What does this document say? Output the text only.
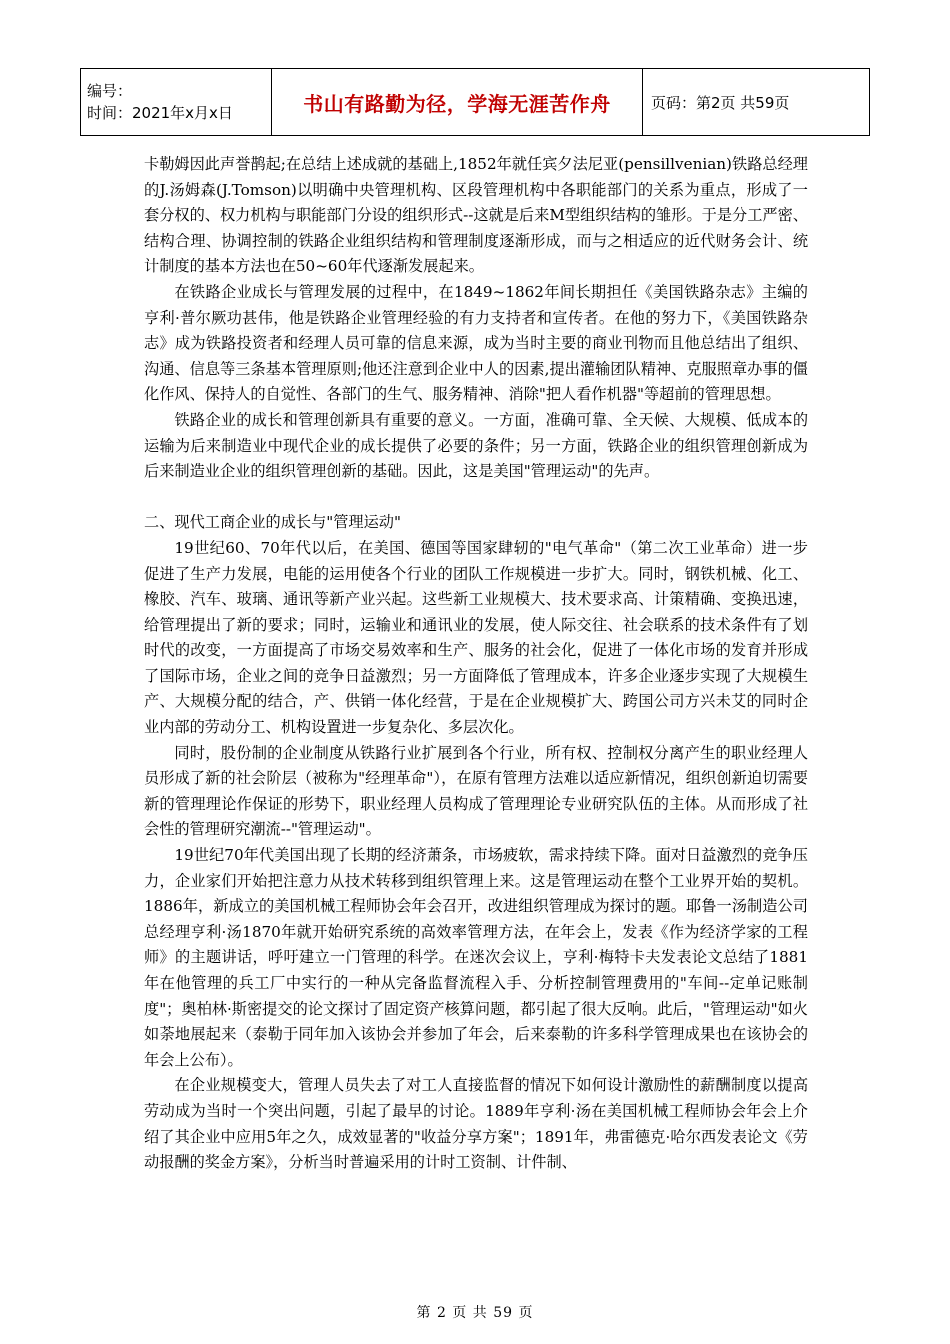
编号：
时间：2021年x月x日	书山有路勤为径，学海无涯苦作舟	页码：第2页 共59页

卡勒姆因此声誉鹊起;在总结上述成就的基础上,1852年就任宾夕法尼亚(pensillvenian)铁路总经理的J.汤姆森(J.Tomson)以明确中央管理机构、区段管理机构中各职能部门的关系为重点，形成了一套分权的、权力机构与职能部门分设的组织形式--这就是后来M型组织结构的雏形。于是分工严密、结构合理、协调控制的铁路企业组织结构和管理制度逐渐形成，而与之相适应的近代财务会计、统计制度的基本方法也在50~60年代逐渐发展起来。

在铁路企业成长与管理发展的过程中，在1849~1862年间长期担任《美国铁路杂志》主编的亨利·普尔厥功甚伟，他是铁路企业管理经验的有力支持者和宣传者。在他的努力下，《美国铁路杂志》成为铁路投资者和经理人员可靠的信息来源，成为当时主要的商业刊物而且他总结出了组织、沟通、信息等三条基本管理原则;他还注意到企业中人的因素,提出灌输团队精神、克服照章办事的僵化作风、保持人的自觉性、各部门的生气、服务精神、消除"把人看作机器"等超前的管理思想。

铁路企业的成长和管理创新具有重要的意义。一方面，准确可靠、全天候、大规模、低成本的运输为后来制造业中现代企业的成长提供了必要的条件；另一方面，铁路企业的组织管理创新成为后来制造业企业的组织管理创新的基础。因此，这是美国"管理运动"的先声。

二、现代工商企业的成长与"管理运动"

19世纪60、70年代以后，在美国、德国等国家肆轫的"电气革命"（第二次工业革命）进一步促进了生产力发展，电能的运用使各个行业的团队工作规模进一步扩大。同时，钢铁机械、化工、橡胶、汽车、玻璃、通讯等新产业兴起。这些新工业规模大、技术要求高、计策精确、变换迅速，给管理提出了新的要求；同时，运输业和通讯业的发展，使人际交往、社会联系的技术条件有了划时代的改变，一方面提高了市场交易效率和生产、服务的社会化，促进了一体化市场的发育并形成了国际市场，企业之间的竞争日益激烈；另一方面降低了管理成本，许多企业逐步实现了大规模生产、大规模分配的结合，产、供销一体化经营，于是在企业规模扩大、跨国公司方兴未艾的同时企业内部的劳动分工、机构设置进一步复杂化、多层次化。

同时，股份制的企业制度从铁路行业扩展到各个行业，所有权、控制权分离产生的职业经理人员形成了新的社会阶层（被称为"经理革命"），在原有管理方法难以适应新情况，组织创新迫切需要新的管理理论作保证的形势下，职业经理人员构成了管理理论专业研究队伍的主体。从而形成了社会性的管理研究潮流--"管理运动"。

19世纪70年代美国出现了长期的经济萧条，市场疲软，需求持续下降。面对日益激烈的竞争压力，企业家们开始把注意力从技术转移到组织管理上来。这是管理运动在整个工业界开始的契机。1886年，新成立的美国机械工程师协会年会召开，改进组织管理成为探讨的题。耶鲁一汤制造公司总经理亨利·汤1870年就开始研究系统的高效率管理方法，在年会上，发表《作为经济学家的工程师》的主题讲话，呼吁建立一门管理的科学。在迷次会议上，亨利·梅特卡夫发表论文总结了1881年在他管理的兵工厂中实行的一种从完备监督流程入手、分析控制管理费用的"车间--定单记账制度"；奥柏林·斯密提交的论文探讨了固定资产核算问题，都引起了很大反响。此后，"管理运动"如火如荼地展起来（泰勒于同年加入该协会并参加了年会，后来泰勒的许多科学管理成果也在该协会的年会上公布）。

在企业规模变大，管理人员失去了对工人直接监督的情况下如何设计激励性的薪酬制度以提高劳动成为当时一个突出问题，引起了最早的讨论。1889年亨利·汤在美国机械工程师协会年会上介绍了其企业中应用5年之久，成效显著的"收益分享方案"；1891年，弗雷德克·哈尔西发表论文《劳动报酬的奖金方案》，分析当时普遍采用的计时工资制、计件制、

第 2 页 共 59 页
